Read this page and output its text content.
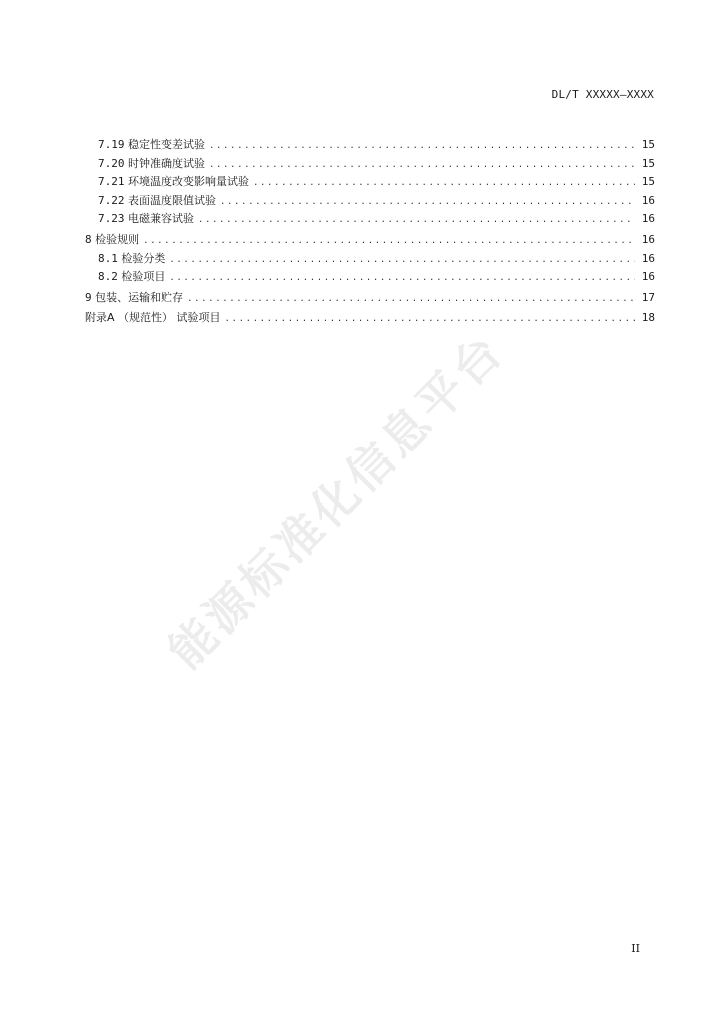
DL/T XXXXX—XXXX
7.19 稳定性变差试验 .....	15
7.20 时钟准确度试验 .....	15
7.21 环境温度改变影响量试验 .....	15
7.22 表面温度限值试验 .....	16
7.23 电磁兼容试验 .....	16
8 检验规则 .....	16
8.1 检验分类 .....	16
8.2 检验项目 .....	16
9 包装、运输和贮存 .....	17
附录A （规范性） 试验项目 .....	18
能源标准化信息平台
II
